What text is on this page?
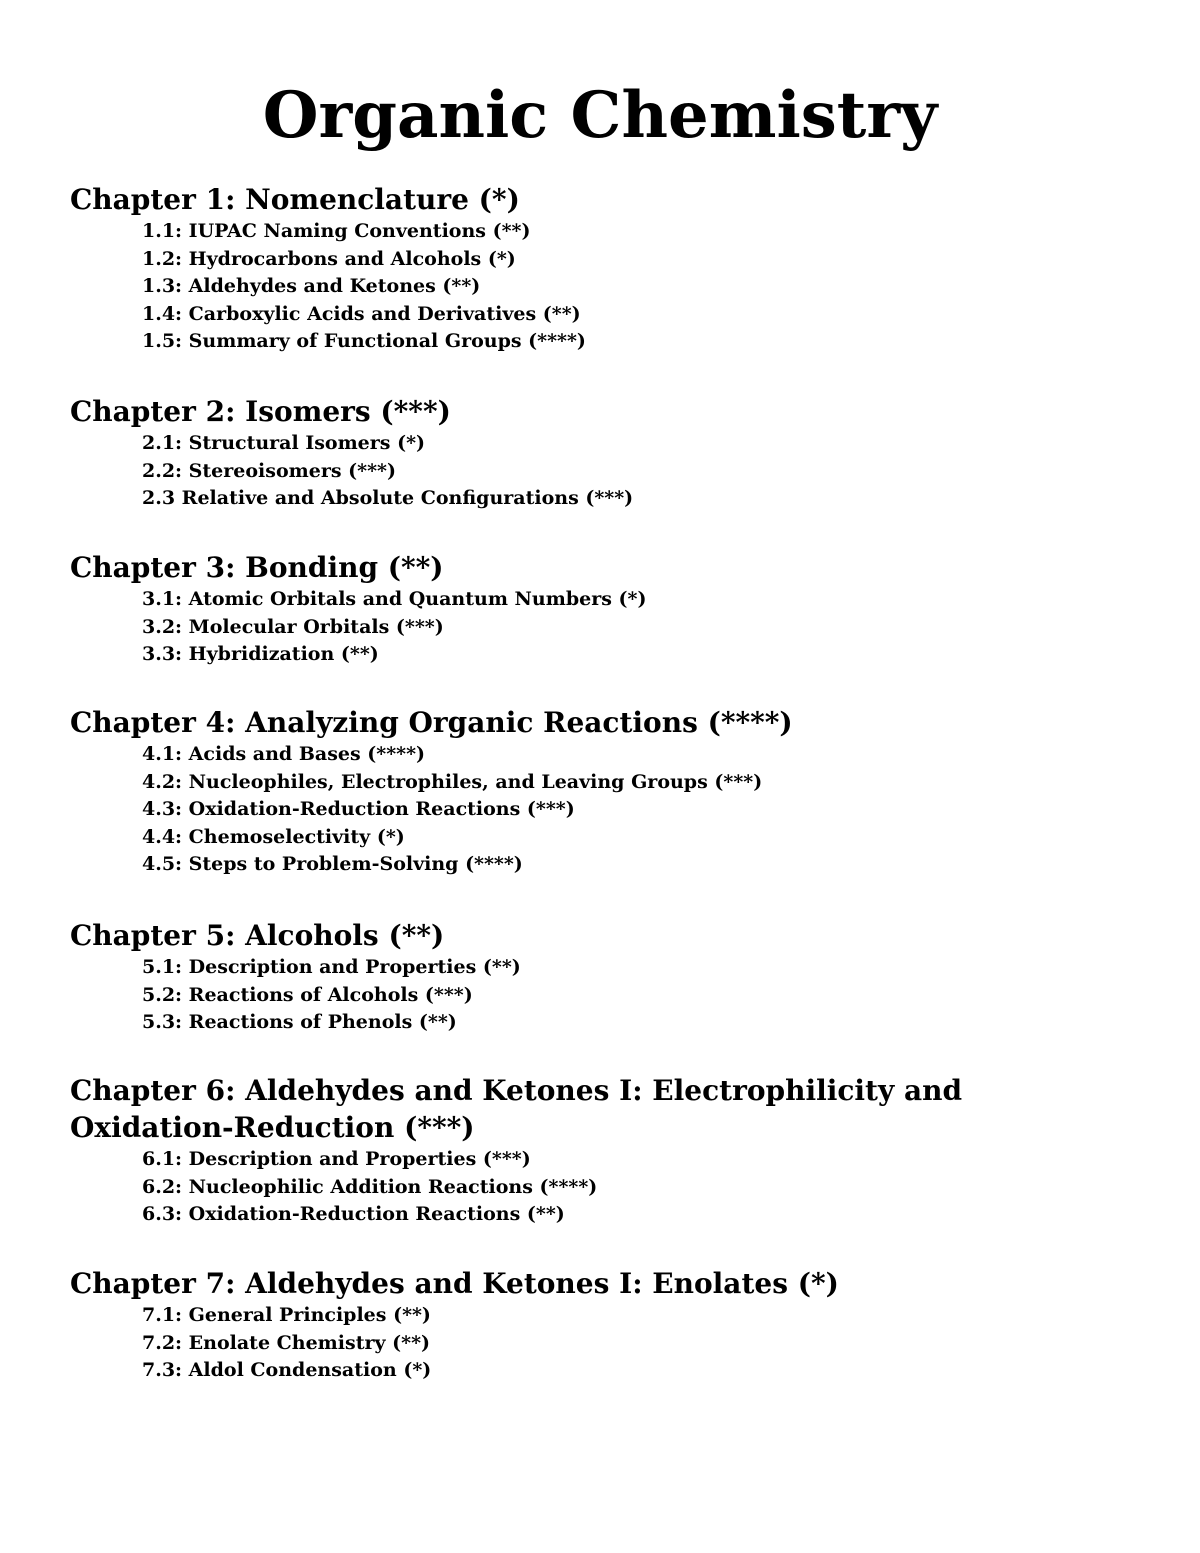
Organic Chemistry
Chapter 1: Nomenclature (*)
1.1: IUPAC Naming Conventions (**)
1.2: Hydrocarbons and Alcohols (*)
1.3: Aldehydes and Ketones (**)
1.4: Carboxylic Acids and Derivatives (**)
1.5: Summary of Functional Groups (****)
Chapter 2: Isomers (***)
2.1: Structural Isomers (*)
2.2: Stereoisomers (***)
2.3 Relative and Absolute Configurations (***)
Chapter 3: Bonding (**)
3.1: Atomic Orbitals and Quantum Numbers (*)
3.2: Molecular Orbitals (***)
3.3: Hybridization (**)
Chapter 4: Analyzing Organic Reactions (****)
4.1: Acids and Bases (****)
4.2: Nucleophiles, Electrophiles, and Leaving Groups (***)
4.3: Oxidation-Reduction Reactions (***)
4.4: Chemoselectivity (*)
4.5: Steps to Problem-Solving (****)
Chapter 5: Alcohols (**)
5.1: Description and Properties (**)
5.2: Reactions of Alcohols (***)
5.3: Reactions of Phenols (**)
Chapter 6: Aldehydes and Ketones I: Electrophilicity and Oxidation-Reduction (***)
6.1: Description and Properties (***)
6.2: Nucleophilic Addition Reactions (****)
6.3: Oxidation-Reduction Reactions (**)
Chapter 7: Aldehydes and Ketones I: Enolates (*)
7.1: General Principles (**)
7.2: Enolate Chemistry (**)
7.3: Aldol Condensation (*)
